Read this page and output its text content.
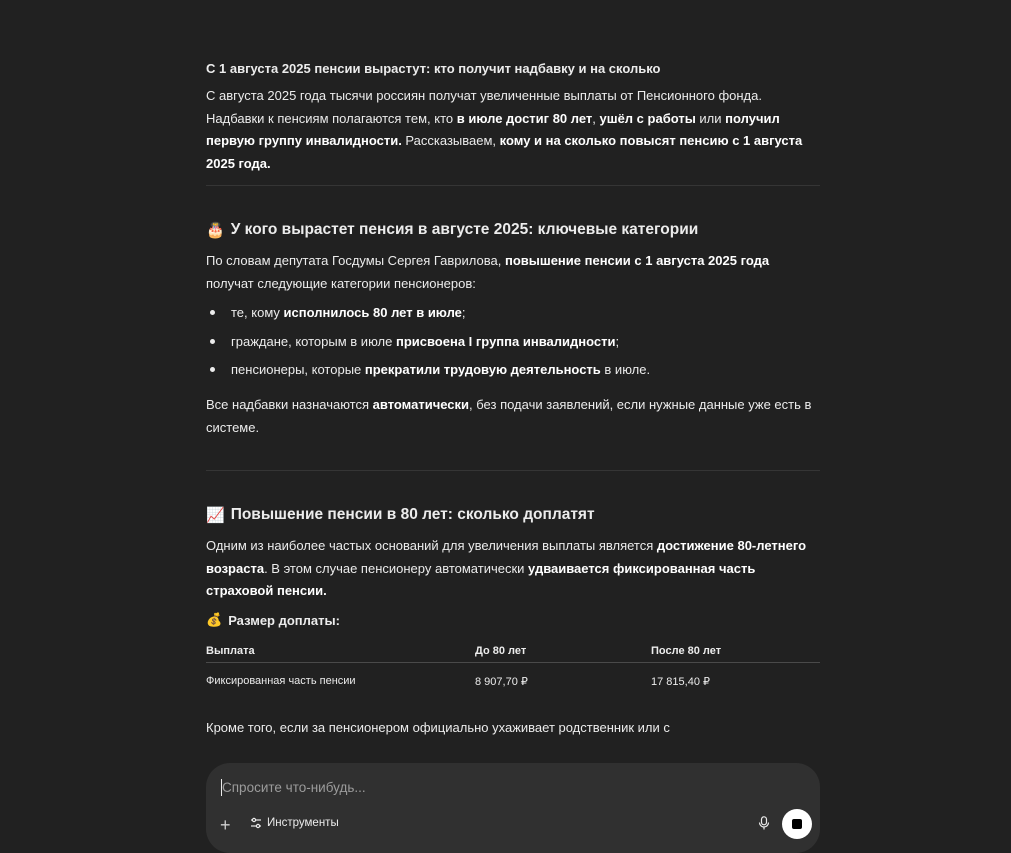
С 1 августа 2025 пенсии вырастут: кто получит надбавку и на сколько

С августа 2025 года тысячи россиян получат увеличенные выплаты от Пенсионного фонда. Надбавки к пенсиям полагаются тем, кто в июле достиг 80 лет, ушёл с работы или получил первую группу инвалидности. Рассказываем, кому и на сколько повысят пенсию с 1 августа 2025 года.

🎂 У кого вырастет пенсия в августе 2025: ключевые категории

По словам депутата Госдумы Сергея Гаврилова, повышение пенсии с 1 августа 2025 года получат следующие категории пенсионеров:

те, кому исполнилось 80 лет в июле;
граждане, которым в июле присвоена I группа инвалидности;
пенсионеры, которые прекратили трудовую деятельность в июле.

Все надбавки назначаются автоматически, без подачи заявлений, если нужные данные уже есть в системе.

📈 Повышение пенсии в 80 лет: сколько доплатят

Одним из наиболее частых оснований для увеличения выплаты является достижение 80-летнего возраста. В этом случае пенсионеру автоматически удваивается фиксированная часть страховой пенсии.

💰 Размер доплаты:
Выплата	До 80 лет	После 80 лет
Фиксированная часть пенсии	8 907,70 ₽	17 815,40 ₽

Кроме того, если за пенсионером официально ухаживает родственник или с

Спросите что-нибудь...
+	Инструменты
